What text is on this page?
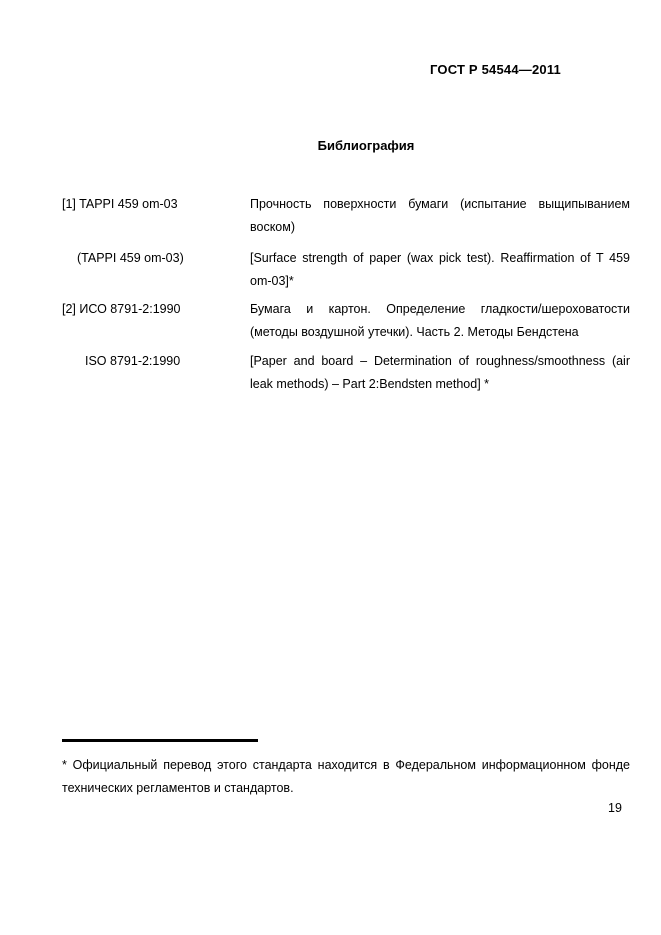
ГОСТ Р 54544—2011
Библиография
[1] TAPPI 459 om-03	Прочность поверхности бумаги (испытание выщипыванием воском)
(TAPPI 459 om-03)	[Surface strength of paper (wax pick test). Reaffirmation of T 459 om-03]*
[2] ИСО 8791-2:1990	Бумага и картон. Определение гладкости/шероховатости (методы воздушной утечки). Часть 2. Методы Бендстена
ISO 8791-2:1990	[Paper and board – Determination of roughness/smoothness (air leak methods) – Part 2:Bendsten method] *
* Официальный перевод этого стандарта находится в Федеральном информационном фонде технических регламентов и стандартов.
19
